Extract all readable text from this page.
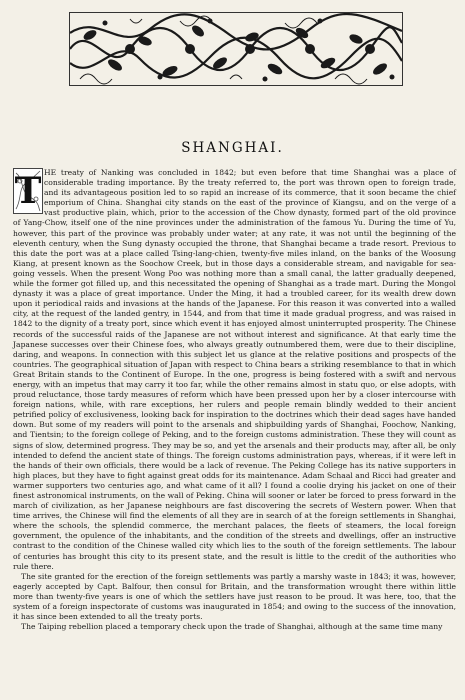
SHANGHAI.
T HE treaty of Nanking was concluded in 1842; but even before that time Shanghai was a place of considerable trading importance. By the treaty referred to, the port was thrown open to foreign trade, and its advantageous position led to so rapid an increase of its commerce, that it soon became the chief emporium of China. Shanghai city stands on the east of the province of Kiangsu, and on the verge of a vast productive plain, which, prior to the accession of the Chow dynasty, formed part of the old province of Yang-Chow, itself one of the nine provinces under the administration of the famous Yu. During the time of Yu, however, this part of the province was probably under water; at any rate, it was not until the beginning of the eleventh century, when the Sung dynasty occupied the throne, that Shanghai became a trade resort. Previous to this date the port was at a place called Tsing-lang-chien, twenty-five miles inland, on the banks of the Woosung Kiang, at present known as the Soochow Creek, but in those days a considerable stream, and navigable for sea-going vessels. When the present Wong Poo was nothing more than a small canal, the latter gradually deepened, while the former got filled up, and this necessitated the opening of Shanghai as a trade mart. During the Mongol dynasty it was a place of great importance. Under the Ming, it had a troubled career, for its wealth drew down upon it periodical raids and invasions at the hands of the Japanese. For this reason it was converted into a walled city, at the request of the landed gentry, in 1544, and from that time it made gradual progress, and was raised in 1842 to the dignity of a treaty port, since which event it has enjoyed almost uninterrupted prosperity. The Chinese records of the successful raids of the Japanese are not without interest and significance. At that early time the Japanese successes over their Chinese foes, who always greatly outnumbered them, were due to their discipline, daring, and weapons. In connection with this subject let us glance at the relative positions and prospects of the countries. The geographical situation of Japan with respect to China bears a striking resemblance to that in which Great Britain stands to the Continent of Europe. In the one, progress is being fostered with a swift and nervous energy, with an impetus that may carry it too far, while the other remains almost in statu quo, or else adopts, with proud reluctance, those tardy measures of reform which have been pressed upon her by a closer intercourse with foreign nations, while, with rare exceptions, her rulers and people remain blindly wedded to their ancient petrified policy of exclusiveness, looking back for inspiration to the doctrines which their dead sages have handed down. But some of my readers will point to the arsenals and shipbuilding yards of Shanghai, Foochow, Nanking, and Tientsin; to the foreign college of Peking, and to the foreign customs administration. These they will count as signs of slow, determined progress. They may be so, and yet the arsenals and their products may, after all, be only intended to defend the ancient state of things. The foreign customs administration pays, whereas, if it were left in the hands of their own officials, there would be a lack of revenue. The Peking College has its native supporters in high places, but they have to fight against great odds for its maintenance. Adam Schaal and Ricci had greater and warmer supporters two centuries ago, and what came of it all? I found a coolie drying his jacket on one of their finest astronomical instruments, on the wall of Peking. China will sooner or later be forced to press forward in the march of civilization, as her Japanese neighbours are fast discovering the secrets of Western power. When that time arrives, the Chinese will find the elements of all they are in search of at the foreign settlements in Shanghai, where the schools, the splendid commerce, the merchant palaces, the fleets of steamers, the local foreign government, the opulence of the inhabitants, and the condition of the streets and dwellings, offer an instructive contrast to the condition of the Chinese walled city which lies to the south of the foreign settlements. The labour of centuries has brought this city to its present state, and the result is little to the credit of the authorities who rule there.

The site granted for the erection of the foreign settlements was partly a marshy waste in 1843; it was, however, eagerly accepted by Capt. Balfour, then consul for Britain, and the transformation wrought there within little more than twenty-five years is one of which the settlers have just reason to be proud. It was here, too, that the system of a foreign inspectorate of customs was inaugurated in 1854; and owing to the success of the innovation, it has since been extended to all the treaty ports.

The Taiping rebellion placed a temporary check upon the trade of Shanghai, although at the same time many
